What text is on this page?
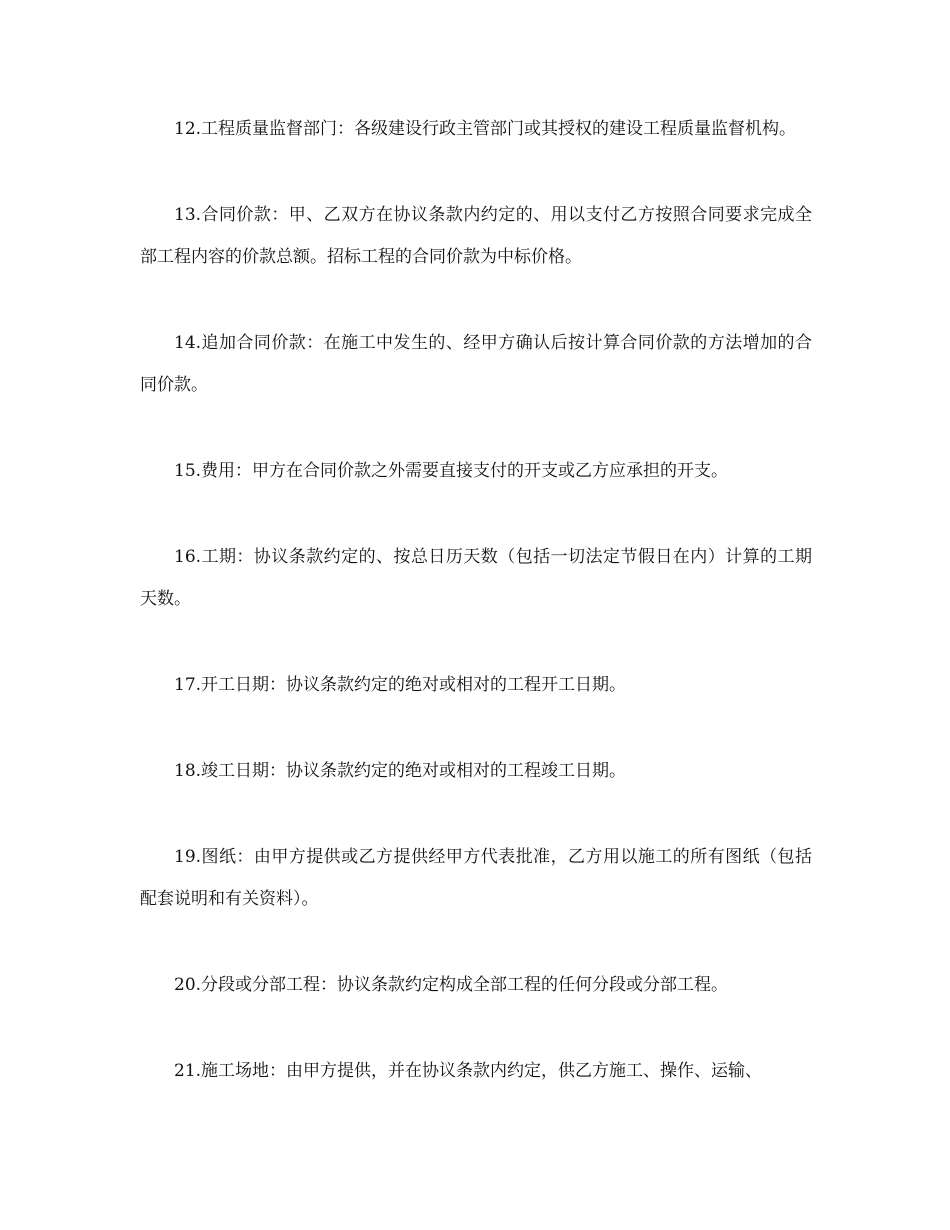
12.工程质量监督部门：各级建设行政主管部门或其授权的建设工程质量监督机构。

13.合同价款：甲、乙双方在协议条款内约定的、用以支付乙方按照合同要求完成全部工程内容的价款总额。招标工程的合同价款为中标价格。

14.追加合同价款：在施工中发生的、经甲方确认后按计算合同价款的方法增加的合同价款。

15.费用：甲方在合同价款之外需要直接支付的开支或乙方应承担的开支。

16.工期：协议条款约定的、按总日历天数（包括一切法定节假日在内）计算的工期天数。

17.开工日期：协议条款约定的绝对或相对的工程开工日期。

18.竣工日期：协议条款约定的绝对或相对的工程竣工日期。

19.图纸：由甲方提供或乙方提供经甲方代表批准，乙方用以施工的所有图纸（包括配套说明和有关资料）。

20.分段或分部工程：协议条款约定构成全部工程的任何分段或分部工程。

21.施工场地：由甲方提供，并在协议条款内约定，供乙方施工、操作、运输、
